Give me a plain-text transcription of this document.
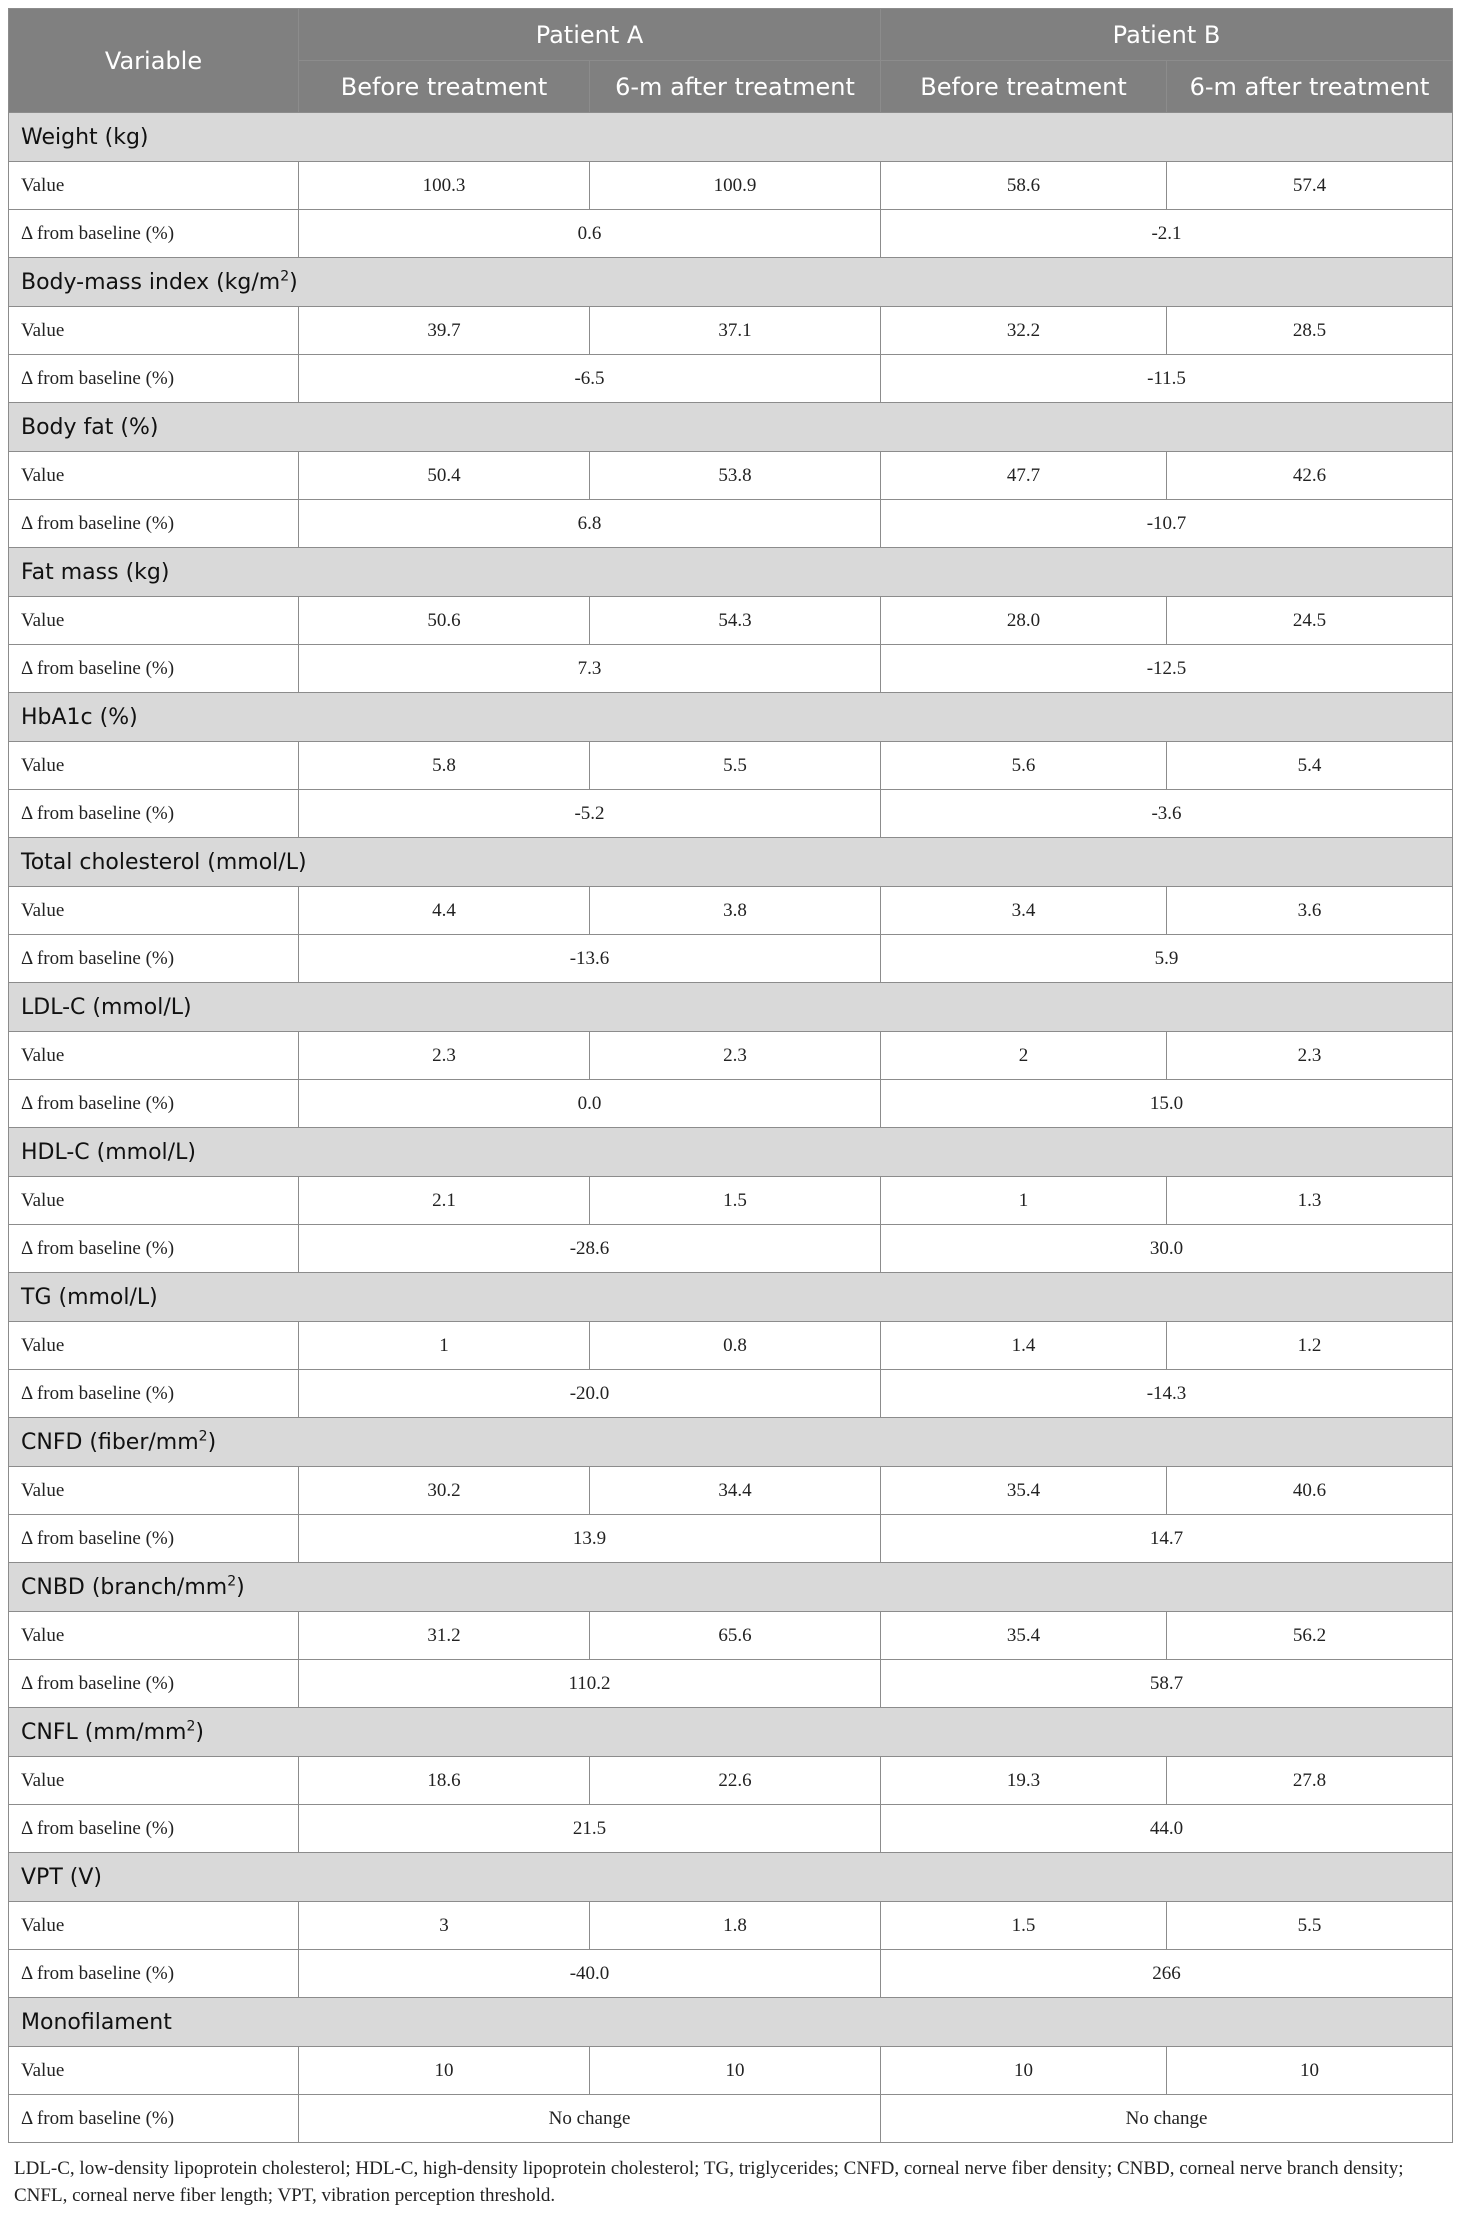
Variable	Patient A		Patient B	
	Before treatment	6-m after treatment	Before treatment	6-m after treatment
Weight (kg)				
Value	100.3	100.9	58.6	57.4
Δ from baseline (%)	0.6		-2.1	
Body-mass index $(kg/m^2)$				
Value	39.7	37.1	32.2	28.5
Δ from baseline (%)	-6.5		-11.5	
Body fat (%)				
Value	50.4	53.8	47.7	42.6
Δ from baseline (%)	6.8		-10.7	
Fat mass (kg)				
Value	50.6	54.3	28.0	24.5
Δ from baseline (%)	7.3		-12.5	
HbA1c (%)				
Value	5.8	5.5	5.6	5.4
Δ from baseline (%)	-5.2		-3.6	
Total cholesterol (mmol/L)				
Value	4.4	3.8	3.4	3.6
Δ from baseline (%)	-13.6		5.9	
LDL-C (mmol/L)				
Value	2.3	2.3	2	2.3
Δ from baseline (%)	0.0		15.0	
HDL-C (mmol/L)				
Value	2.1	1.5	1	1.3
Δ from baseline (%)	-28.6		30.0	
TG (mmol/L)				
Value	1	0.8	1.4	1.2
Δ from baseline (%)	-20.0		-14.3	
CNFD $(fiber/mm^2)$				
Value	30.2	34.4	35.4	40.6
Δ from baseline (%)	13.9		14.7	
CNBD $(branch/mm^2)$				
Value	31.2	65.6	35.4	56.2
Δ from baseline (%)	110.2		58.7	
CNFL $(mm/mm^2)$				
Value	18.6	22.6	19.3	27.8
Δ from baseline (%)	21.5		44.0	
VPT (V)				
Value	3	1.8	1.5	5.5
Δ from baseline (%)	-40.0		266	
Monofilament				
Value	10	10	10	10
Δ from baseline (%)	No change		No change	
LDL-C, low-density lipoprotein cholesterol; HDL-C, high-density lipoprotein cholesterol; TG, triglycerides; CNFD, corneal nerve fiber density; CNBD, corneal nerve branch density; CNFL, corneal nerve fiber length; VPT, vibration perception threshold.
